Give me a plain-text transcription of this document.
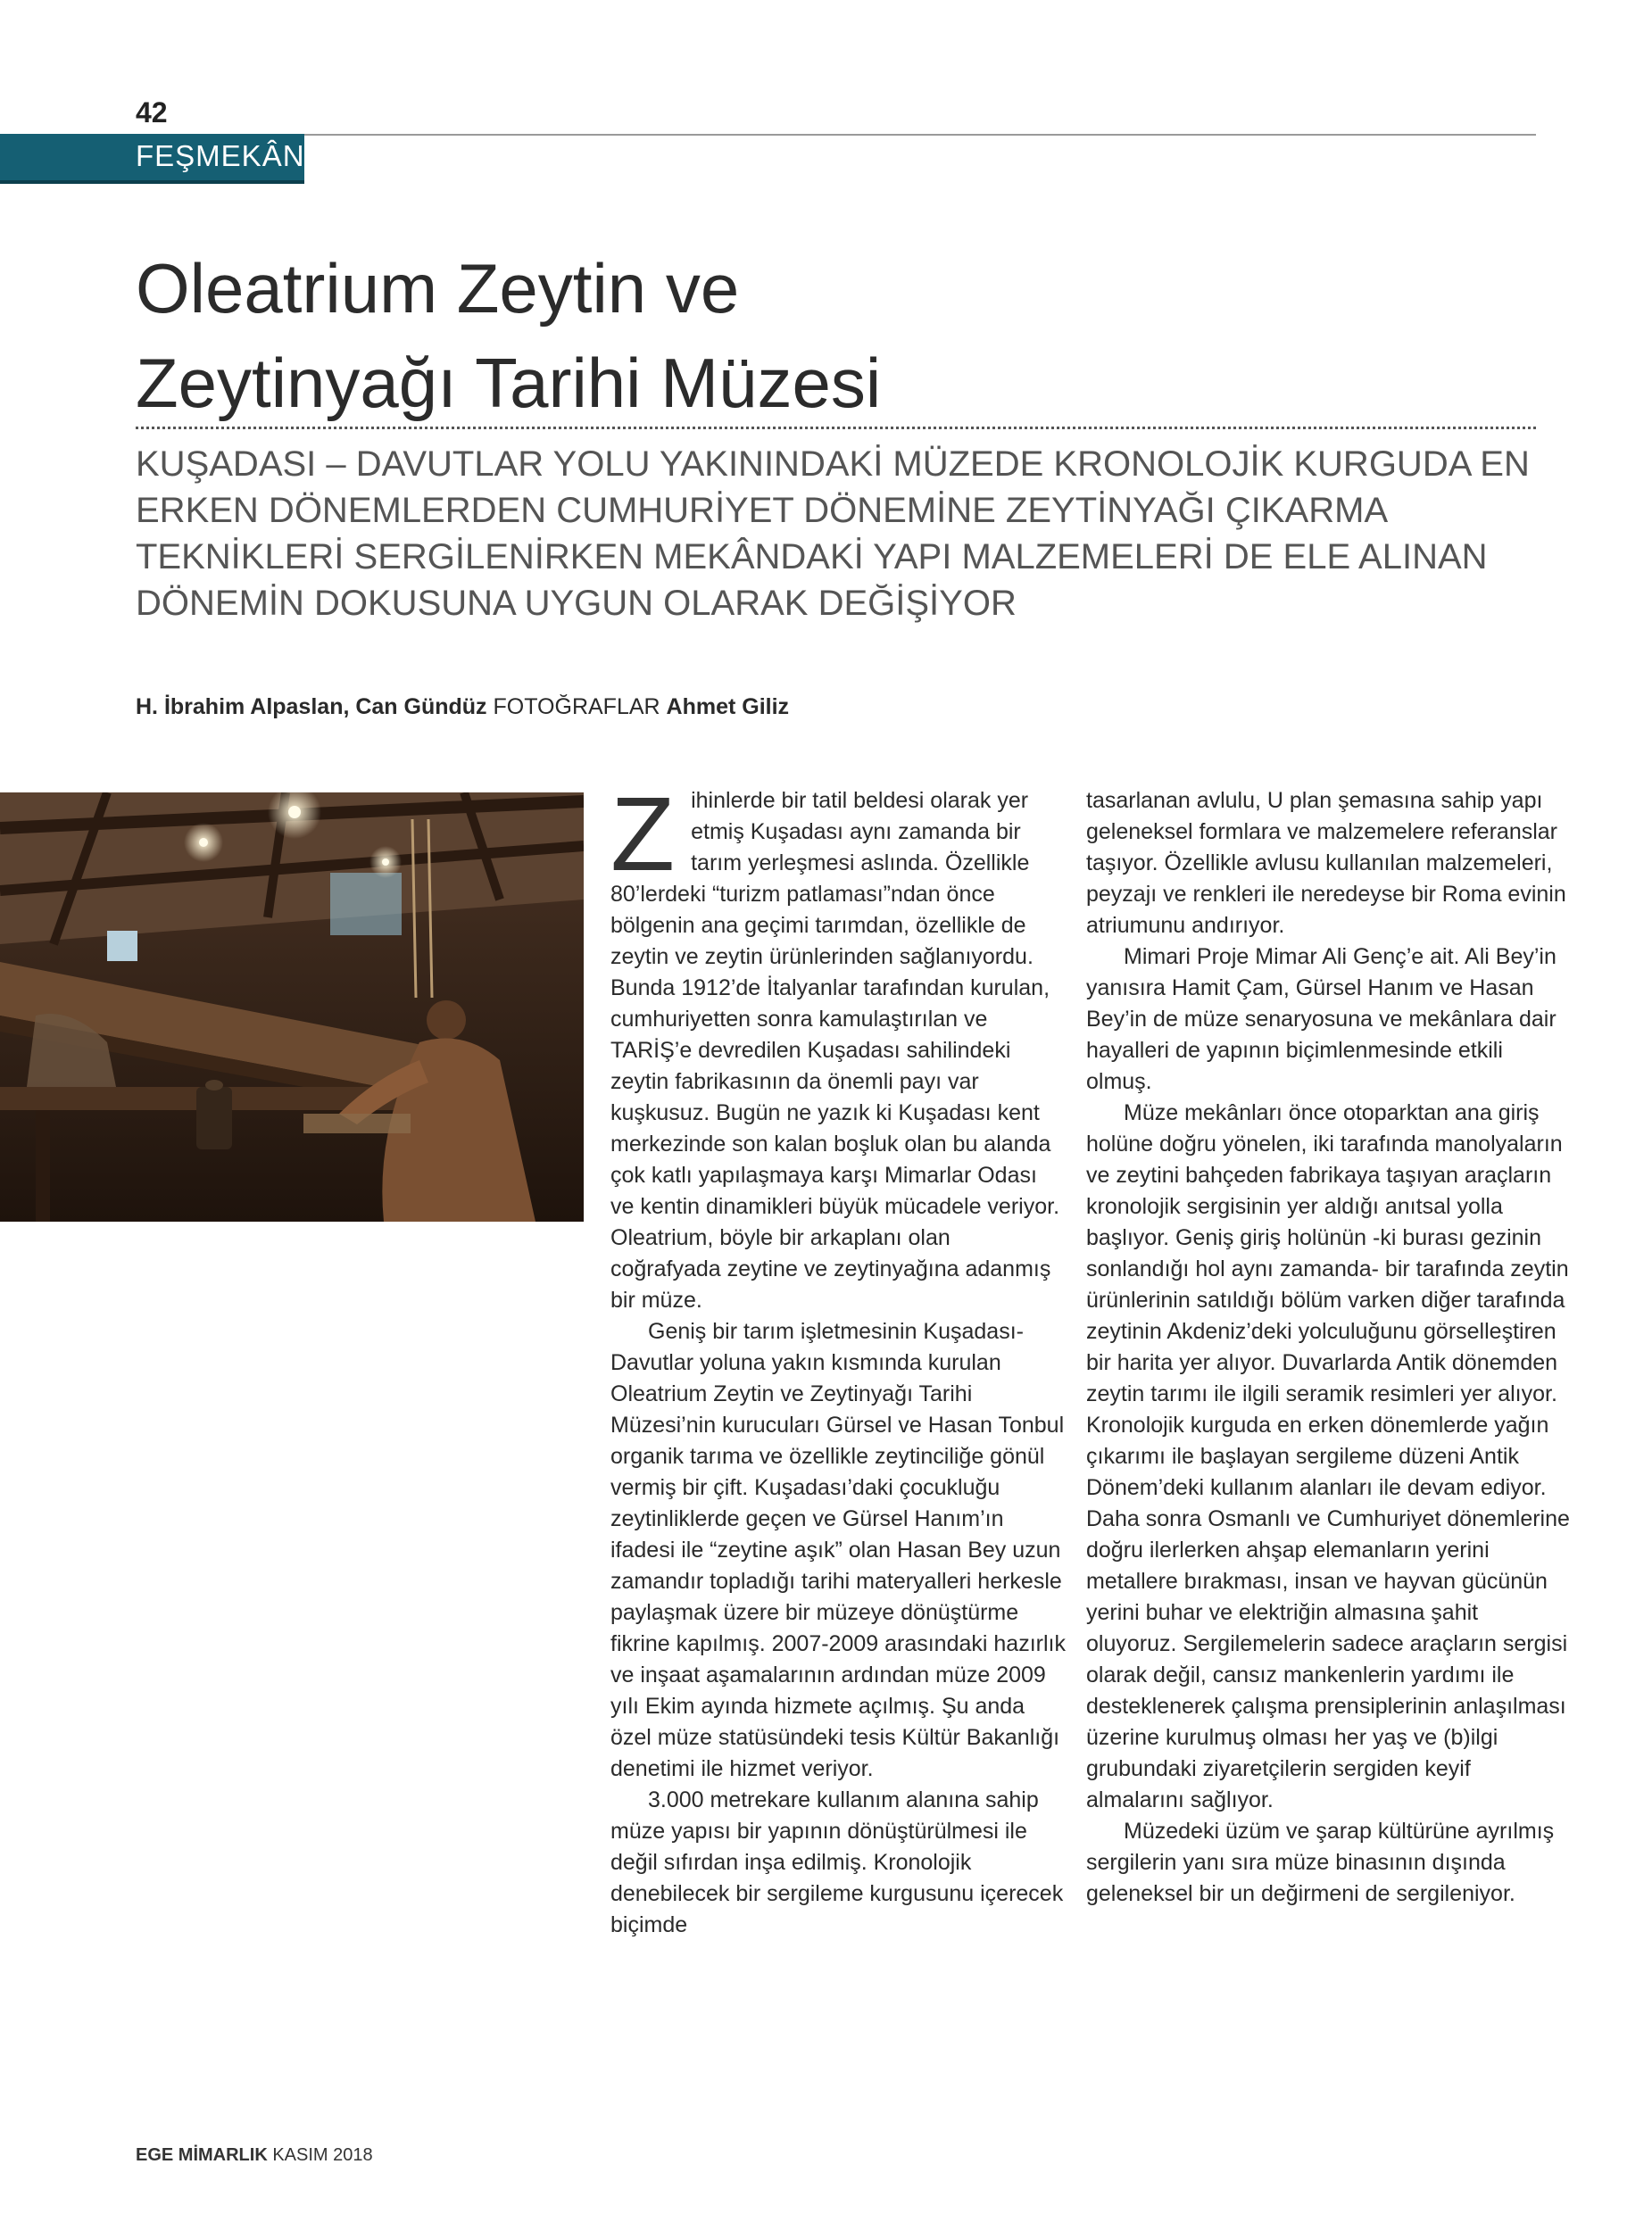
42
FEŞMEKÂN
Oleatrium Zeytin ve
Zeytinyağı Tarihi Müzesi

KUŞADASI – DAVUTLAR YOLU YAKININDAKİ MÜZEDE KRONOLOJİK KURGUDA EN ERKEN DÖNEMLERDEN CUMHURİYET DÖNEMİNE ZEYTİNYAĞI ÇIKARMA TEKNİKLERİ SERGİLENİRKEN MEKÂNDAKİ YAPI MALZEMELERİ DE ELE ALINAN DÖNEMİN DOKUSUNA UYGUN OLARAK DEĞİŞİYOR

H. İbrahim Alpaslan, Can Gündüz FOTOĞRAFLAR Ahmet Giliz

Z ihinlerde bir tatil beldesi olarak yer etmiş Kuşadası aynı zamanda bir tarım yerleşmesi aslında. Özellikle 80’lerdeki “turizm patlaması”ndan önce bölgenin ana geçimi tarımdan, özellikle de zeytin ve zeytin ürünlerinden sağlanıyordu. Bunda 1912’de İtalyanlar tarafından kurulan, cumhuriyetten sonra kamulaştırılan ve TARİŞ’e devredilen Kuşadası sahilindeki zeytin fabrikasının da önemli payı var kuşkusuz. Bugün ne yazık ki Kuşadası kent merkezinde son kalan boşluk olan bu alanda çok katlı yapılaşmaya karşı Mimarlar Odası ve kentin dinamikleri büyük mücadele veriyor. Oleatrium, böyle bir arkaplanı olan coğrafyada zeytine ve zeytinyağına adanmış bir müze.

Geniş bir tarım işletmesinin Kuşadası-Davutlar yoluna yakın kısmında kurulan Oleatrium Zeytin ve Zeytinyağı Tarihi Müzesi’nin kurucuları Gürsel ve Hasan Tonbul organik tarıma ve özellikle zeytinciliğe gönül vermiş bir çift. Kuşadası’daki çocukluğu zeytinliklerde geçen ve Gürsel Hanım’ın ifadesi ile “zeytine aşık” olan Hasan Bey uzun zamandır topladığı tarihi materyalleri herkesle paylaşmak üzere bir müzeye dönüştürme fikrine kapılmış. 2007-2009 arasındaki hazırlık ve inşaat aşamalarının ardından müze 2009 yılı Ekim ayında hizmete açılmış. Şu anda özel müze statüsündeki tesis Kültür Bakanlığı denetimi ile hizmet veriyor.

3.000 metrekare kullanım alanına sahip müze yapısı bir yapının dönüştürülmesi ile değil sıfırdan inşa edilmiş. Kronolojik denebilecek bir sergileme kurgusunu içerecek biçimde

tasarlanan avlulu, U plan şemasına sahip yapı geleneksel formlara ve malzemelere referanslar taşıyor. Özellikle avlusu kullanılan malzemeleri, peyzajı ve renkleri ile neredeyse bir Roma evinin atriumunu andırıyor.

Mimari Proje Mimar Ali Genç’e ait. Ali Bey’in yanısıra Hamit Çam, Gürsel Hanım ve Hasan Bey’in de müze senaryosuna ve mekânlara dair hayalleri de yapının biçimlenmesinde etkili olmuş.

Müze mekânları önce otoparktan ana giriş holüne doğru yönelen, iki tarafında manolyaların ve zeytini bahçeden fabrikaya taşıyan araçların kronolojik sergisinin yer aldığı anıtsal yolla başlıyor. Geniş giriş holünün -ki burası gezinin sonlandığı hol aynı zamanda- bir tarafında zeytin ürünlerinin satıldığı bölüm varken diğer tarafında zeytinin Akdeniz’deki yolculuğunu görselleştiren bir harita yer alıyor. Duvarlarda Antik dönemden zeytin tarımı ile ilgili seramik resimleri yer alıyor. Kronolojik kurguda en erken dönemlerde yağın çıkarımı ile başlayan sergileme düzeni Antik Dönem’deki kullanım alanları ile devam ediyor. Daha sonra Osmanlı ve Cumhuriyet dönemlerine doğru ilerlerken ahşap elemanların yerini metallere bırakması, insan ve hayvan gücünün yerini buhar ve elektriğin almasına şahit oluyoruz. Sergilemelerin sadece araçların sergisi olarak değil, cansız mankenlerin yardımı ile desteklenerek çalışma prensiplerinin anlaşılması üzerine kurulmuş olması her yaş ve (b)ilgi grubundaki ziyaretçilerin sergiden keyif almalarını sağlıyor.

Müzedeki üzüm ve şarap kültürüne ayrılmış sergilerin yanı sıra müze binasının dışında geleneksel bir un değirmeni de sergileniyor.

EGE MİMARLIK KASIM 2018
